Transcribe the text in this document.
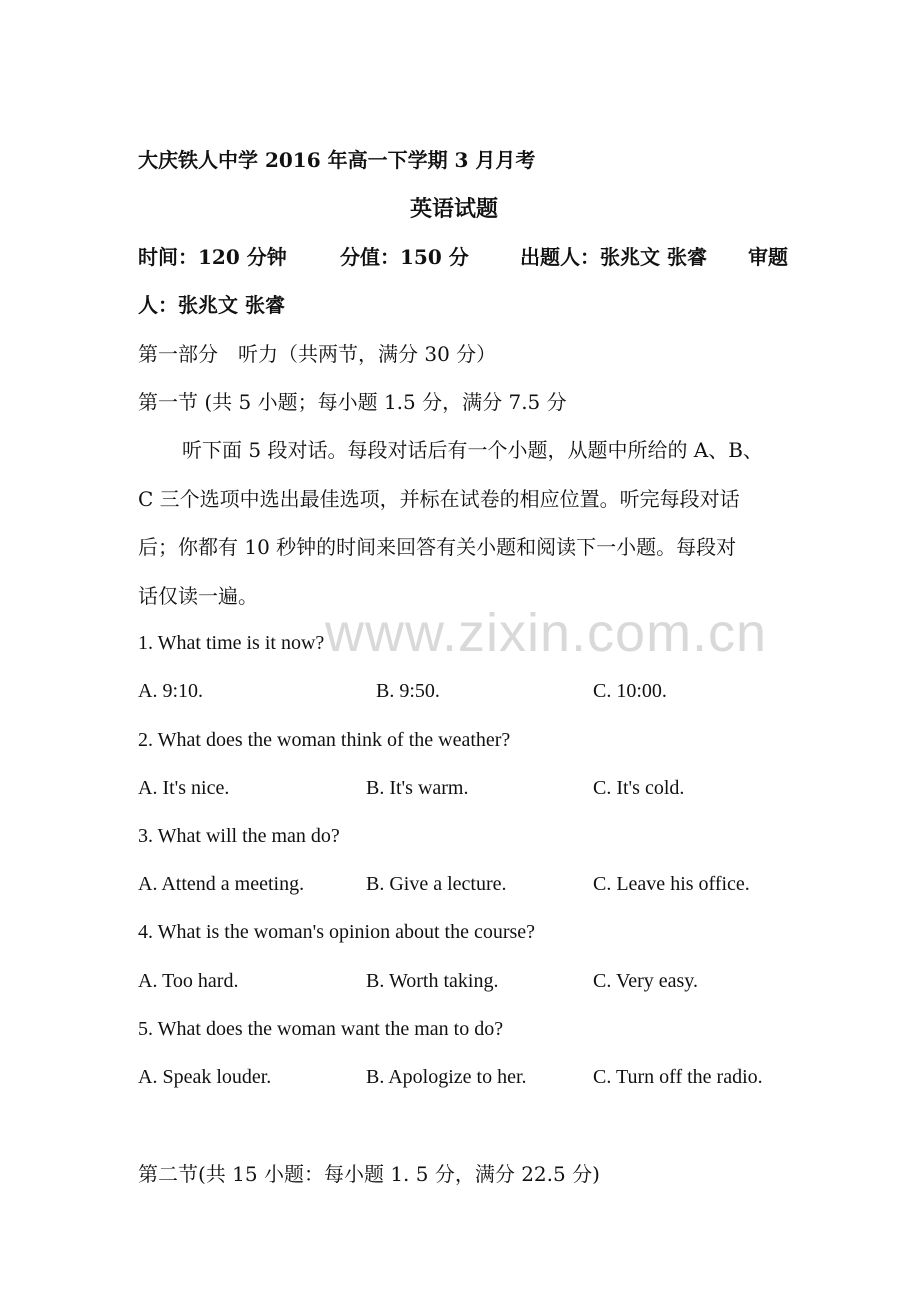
大庆铁人中学 2016 年高一下学期 3 月月考
英语试题
时间：120 分钟	分值：150 分	出题人：张兆文 张睿 审题
人：张兆文 张睿
第一部分　听力（共两节，满分 30 分）
第一节 (共 5 小题；每小题 1.5 分，满分 7.5 分
听下面 5 段对话。每段对话后有一个小题，从题中所给的 A、B、
C 三个选项中选出最佳选项，并标在试卷的相应位置。听完每段对话
后；你都有 10 秒钟的时间来回答有关小题和阅读下一小题。每段对
话仅读一遍。
www.zixin.com.cn
1. What time is it now?
A. 9:10.	B. 9:50.	C. 10:00.
2. What does the woman think of the weather?
A. It's nice.	B. It's warm.	C. It's cold.
3. What will the man do?
A. Attend a meeting.	B. Give a lecture.	C. Leave his office.
4. What is the woman's opinion about the course?
A. Too hard.	B. Worth taking.	C. Very easy.
5. What does the woman want the man to do?
A. Speak louder.	B. Apologize to her.	C. Turn off the radio.
第二节(共 15 小题：每小题 1. 5 分，满分 22.5 分)
